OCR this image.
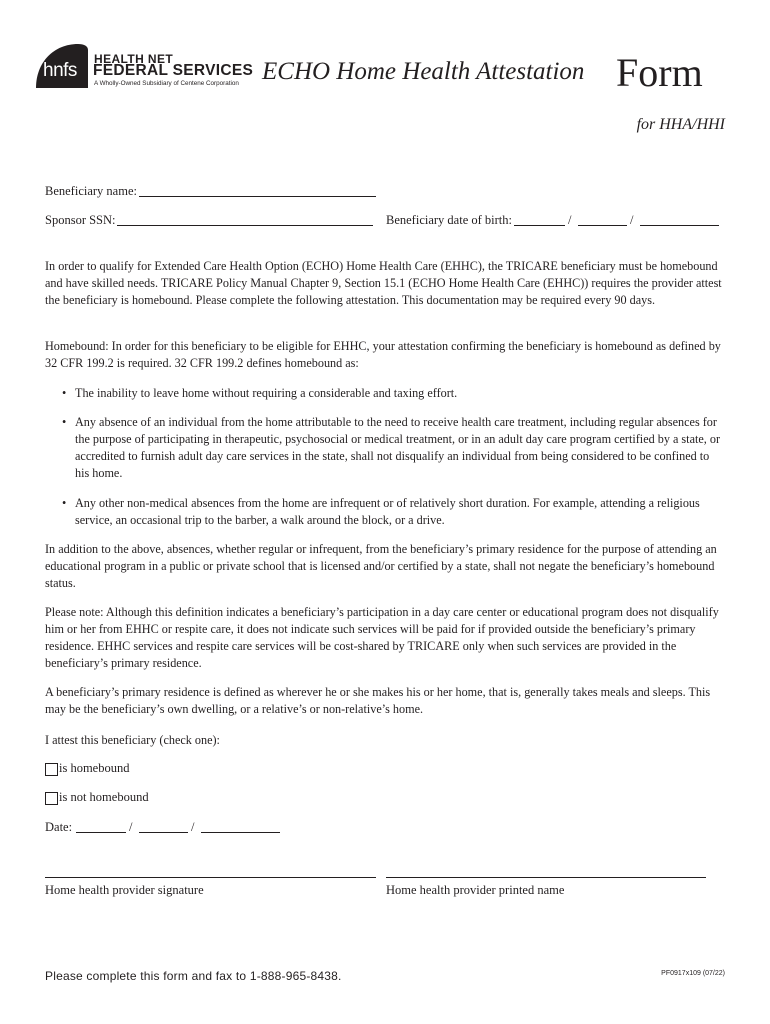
hnfs
HEALTH NET
FEDERAL SERVICES
A Wholly-Owned Subsidiary of Centene Corporation ECHO Home Health Attestation Form
for HHA/HHI
Beneficiary name:
Sponsor SSN:	Beneficiary date of birth:	/	/

In order to qualify for Extended Care Health Option (ECHO) Home Health Care (EHHC), the TRICARE beneficiary must be homebound and have skilled needs. TRICARE Policy Manual Chapter 9, Section 15.1 (ECHO Home Health Care (EHHC)) requires the provider attest the beneficiary is homebound. Please complete the following attestation. This documentation may be required every 90 days.

Homebound: In order for this beneficiary to be eligible for EHHC, your attestation confirming the beneficiary is homebound as defined by 32 CFR 199.2 is required. 32 CFR 199.2 defines homebound as:

• The inability to leave home without requiring a considerable and taxing effort.
• Any absence of an individual from the home attributable to the need to receive health care treatment, including regular absences for the purpose of participating in therapeutic, psychosocial or medical treatment, or in an adult day care program certified by a state, or accredited to furnish adult day care services in the state, shall not disqualify an individual from being considered to be confined to his home.
• Any other non-medical absences from the home are infrequent or of relatively short duration. For example, attending a religious service, an occasional trip to the barber, a walk around the block, or a drive.

In addition to the above, absences, whether regular or infrequent, from the beneficiary’s primary residence for the purpose of attending an educational program in a public or private school that is licensed and/or certified by a state, shall not negate the beneficiary’s homebound status.

Please note: Although this definition indicates a beneficiary’s participation in a day care center or educational program does not disqualify him or her from EHHC or respite care, it does not indicate such services will be paid for if provided outside the beneficiary’s primary residence. EHHC services and respite care services will be cost-shared by TRICARE only when such services are provided in the beneficiary’s primary residence.

A beneficiary’s primary residence is defined as wherever he or she makes his or her home, that is, generally takes meals and sleeps. This may be the beneficiary’s own dwelling, or a relative’s or non-relative’s home.

I attest this beneficiary (check one):

is homebound
is not homebound
Date:	/	/
Home health provider signature	Home health provider printed name
Please complete this form and fax to 1-888-965-8438.	PF0917x109 (07/22)
